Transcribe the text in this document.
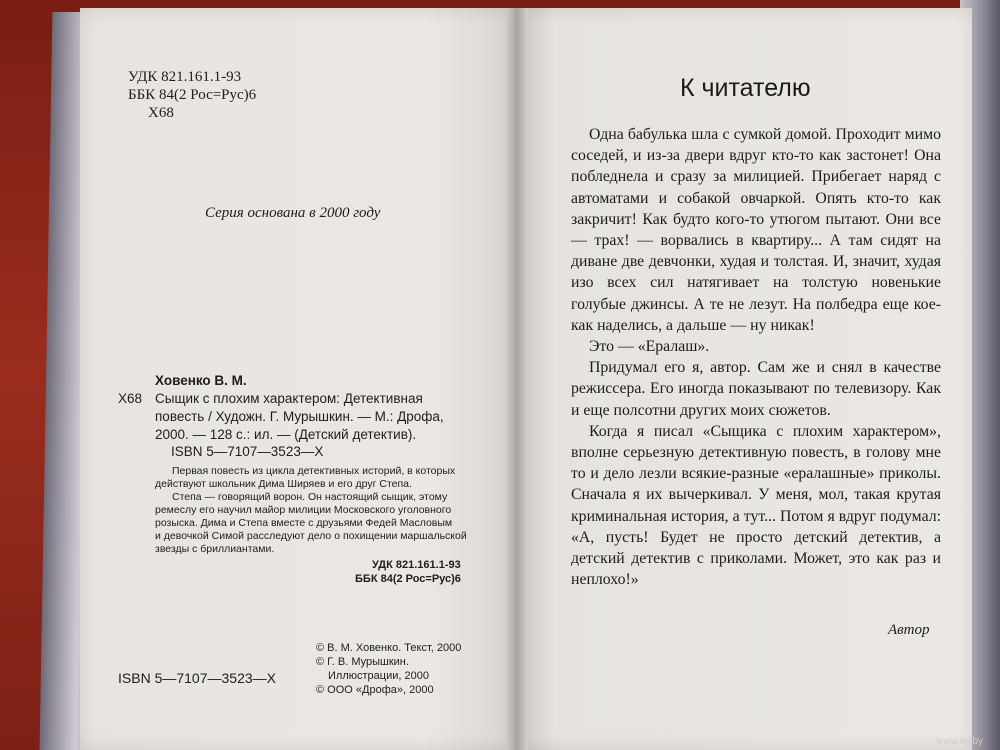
УДК 821.161.1-93

ББК 84(2 Рос=Рус)6

Х68

Серия основана в 2000 году

Ховенко В. М.

Х68 Сыщик с плохим характером: Детективная

повесть / Художн. Г. Мурышкин. — М.: Дрофа,

2000. — 128 с.: ил. — (Детский детектив).

ISBN 5—7107—3523—X

Первая повесть из цикла детективных историй, в которых

действуют школьник Дима Ширяев и его друг Степа.

Степа — говорящий ворон. Он настоящий сыщик, этому

ремеслу его научил майор милиции Московского уголовного

розыска. Дима и Степа вместе с друзьями Федей Масловым

и девочкой Симой расследуют дело о похищении маршальской

звезды с бриллиантами.

УДК 821.161.1-93

ББК 84(2 Рос=Рус)6

ISBN 5—7107—3523—X

© В. М. Ховенко. Текст, 2000

© Г. В. Мурышкин.

Иллюстрации, 2000

© ООО «Дрофа», 2000

К читателю

Одна бабулька шла с сумкой домой. Проходит мимо соседей, и из-за двери вдруг кто-то как застонет! Она побледнела и сразу за милицией. Прибегает наряд с автоматами и собакой овчаркой. Опять кто-то как закричит! Как будто кого-то утюгом пытают. Они все — трах! — ворвались в квартиру... А там сидят на диване две девчонки, худая и толстая. И, значит, худая изо всех сил натягивает на толстую новенькие голубые джинсы. А те не лезут. На полбедра еще кое-как наделись, а дальше — ну никак!

Это — «Ералаш».

Придумал его я, автор. Сам же и снял в качестве режиссера. Его иногда показывают по телевизору. Как и еще полсотни других моих сюжетов.

Когда я писал «Сыщика с плохим характером», вполне серьезную детективную повесть, в голову мне то и дело лезли всякие-разные «ералашные» приколы. Сначала я их вычеркивал. У меня, мол, такая крутая криминальная история, а тут... Потом я вдруг подумал: «А, пусть! Будет не просто детский детектив, а детский детектив с приколами. Может, это как раз и неплохо!»

Автор

www.ay.by
